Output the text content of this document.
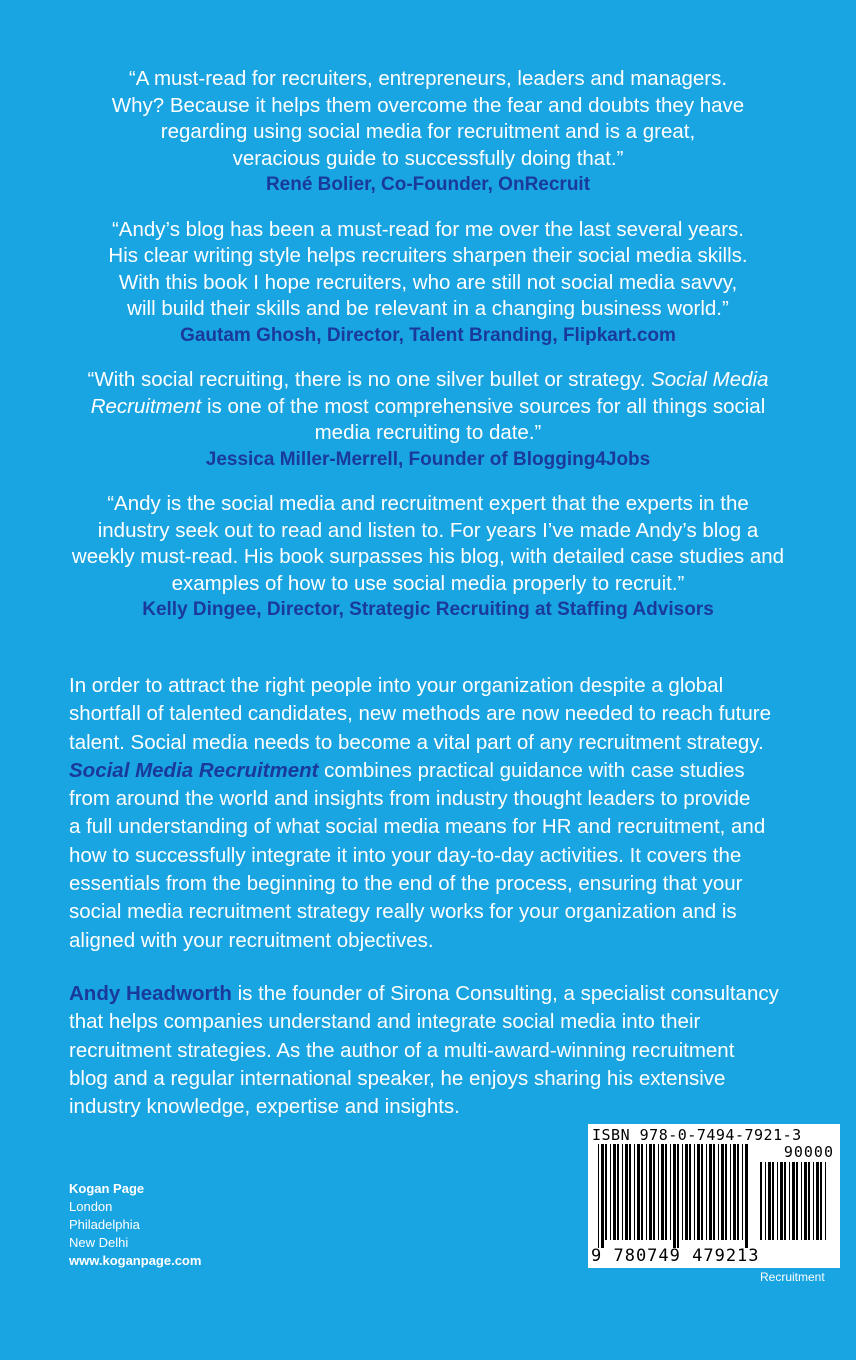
“A must-read for recruiters, entrepreneurs, leaders and managers.
Why? Because it helps them overcome the fear and doubts they have
regarding using social media for recruitment and is a great,
veracious guide to successfully doing that.”
René Bolier, Co-Founder, OnRecruit
“Andy’s blog has been a must-read for me over the last several years.
His clear writing style helps recruiters sharpen their social media skills.
With this book I hope recruiters, who are still not social media savvy,
will build their skills and be relevant in a changing business world.”
Gautam Ghosh, Director, Talent Branding, Flipkart.com
“With social recruiting, there is no one silver bullet or strategy. Social Media
Recruitment is one of the most comprehensive sources for all things social
media recruiting to date.”
Jessica Miller-Merrell, Founder of Blogging4Jobs
“Andy is the social media and recruitment expert that the experts in the
industry seek out to read and listen to. For years I’ve made Andy’s blog a
weekly must-read. His book surpasses his blog, with detailed case studies and
examples of how to use social media properly to recruit.”
Kelly Dingee, Director, Strategic Recruiting at Staffing Advisors
In order to attract the right people into your organization despite a global
shortfall of talented candidates, new methods are now needed to reach future
talent. Social media needs to become a vital part of any recruitment strategy.
Social Media Recruitment combines practical guidance with case studies
from around the world and insights from industry thought leaders to provide
a full understanding of what social media means for HR and recruitment, and
how to successfully integrate it into your day-to-day activities. It covers the
essentials from the beginning to the end of the process, ensuring that your
social media recruitment strategy really works for your organization and is
aligned with your recruitment objectives.
Andy Headworth is the founder of Sirona Consulting, a specialist consultancy
that helps companies understand and integrate social media into their
recruitment strategies. As the author of a multi-award-winning recruitment
blog and a regular international speaker, he enjoys sharing his extensive
industry knowledge, expertise and insights.
Kogan Page
London
Philadelphia
New Delhi
www.koganpage.com
ISBN 978-0-7494-7921-3
90000
9 780749 479213
Recruitment
